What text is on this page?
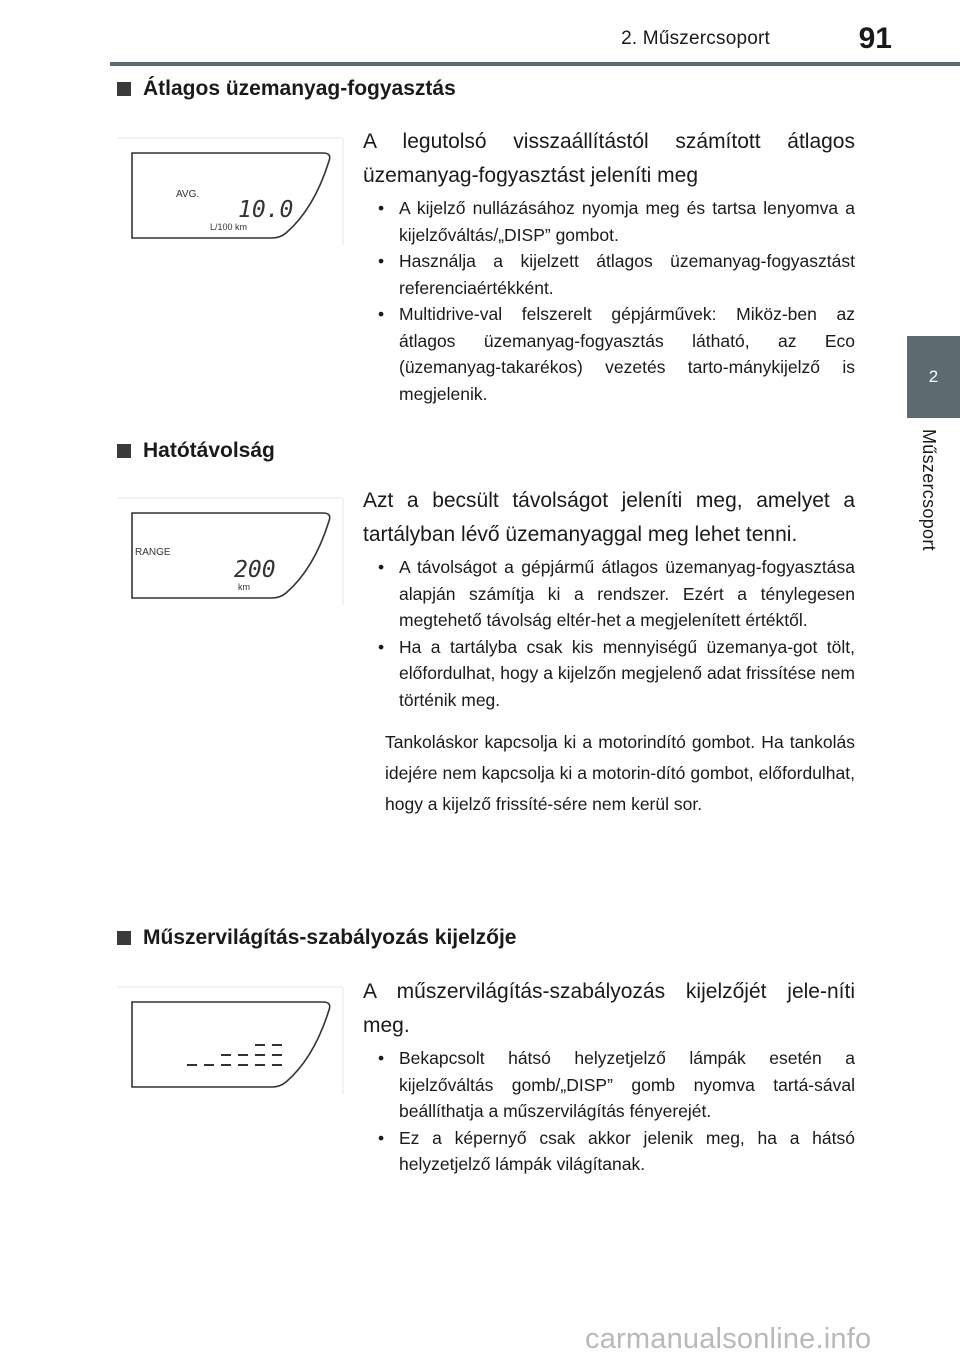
2. Műszercsoport	91
2
Műszercsoport
Átlagos üzemanyag-fogyasztás
AVG.
10.0
L/100 km

A legutolsó visszaállítástól számított átlagos üzemanyag-fogyasztást jeleníti meg

• A kijelző nullázásához nyomja meg és tartsa lenyomva a kijelzőváltás/„DISP” gombot.
• Használja a kijelzett átlagos üzemanyag-fogyasztást referenciaértékként.
• Multidrive-val felszerelt gépjárművek: Miköz-ben az átlagos üzemanyag-fogyasztás látható, az Eco (üzemanyag-takarékos) vezetés tarto-mánykijelző is megjelenik.
Hatótávolság
RANGE
200
km

Azt a becsült távolságot jeleníti meg, amelyet a tartályban lévő üzemanyaggal meg lehet tenni.

• A távolságot a gépjármű átlagos üzemanyag-fogyasztása alapján számítja ki a rendszer. Ezért a ténylegesen megtehető távolság eltér-het a megjelenített értéktől.
• Ha a tartályba csak kis mennyiségű üzemanya-got tölt, előfordulhat, hogy a kijelzőn megjelenő adat frissítése nem történik meg.

Tankoláskor kapcsolja ki a motorindító gombot. Ha tankolás idejére nem kapcsolja ki a motorin-dító gombot, előfordulhat, hogy a kijelző frissíté-sére nem kerül sor.

Műszervilágítás-szabályozás kijelzője

A műszervilágítás-szabályozás kijelzőjét jele-níti meg.

• Bekapcsolt hátsó helyzetjelző lámpák esetén a kijelzőváltás gomb/„DISP” gomb nyomva tartá-sával beállíthatja a műszervilágítás fényerejét.
• Ez a képernyő csak akkor jelenik meg, ha a hátsó helyzetjelző lámpák világítanak.
carmanualsonline.info
